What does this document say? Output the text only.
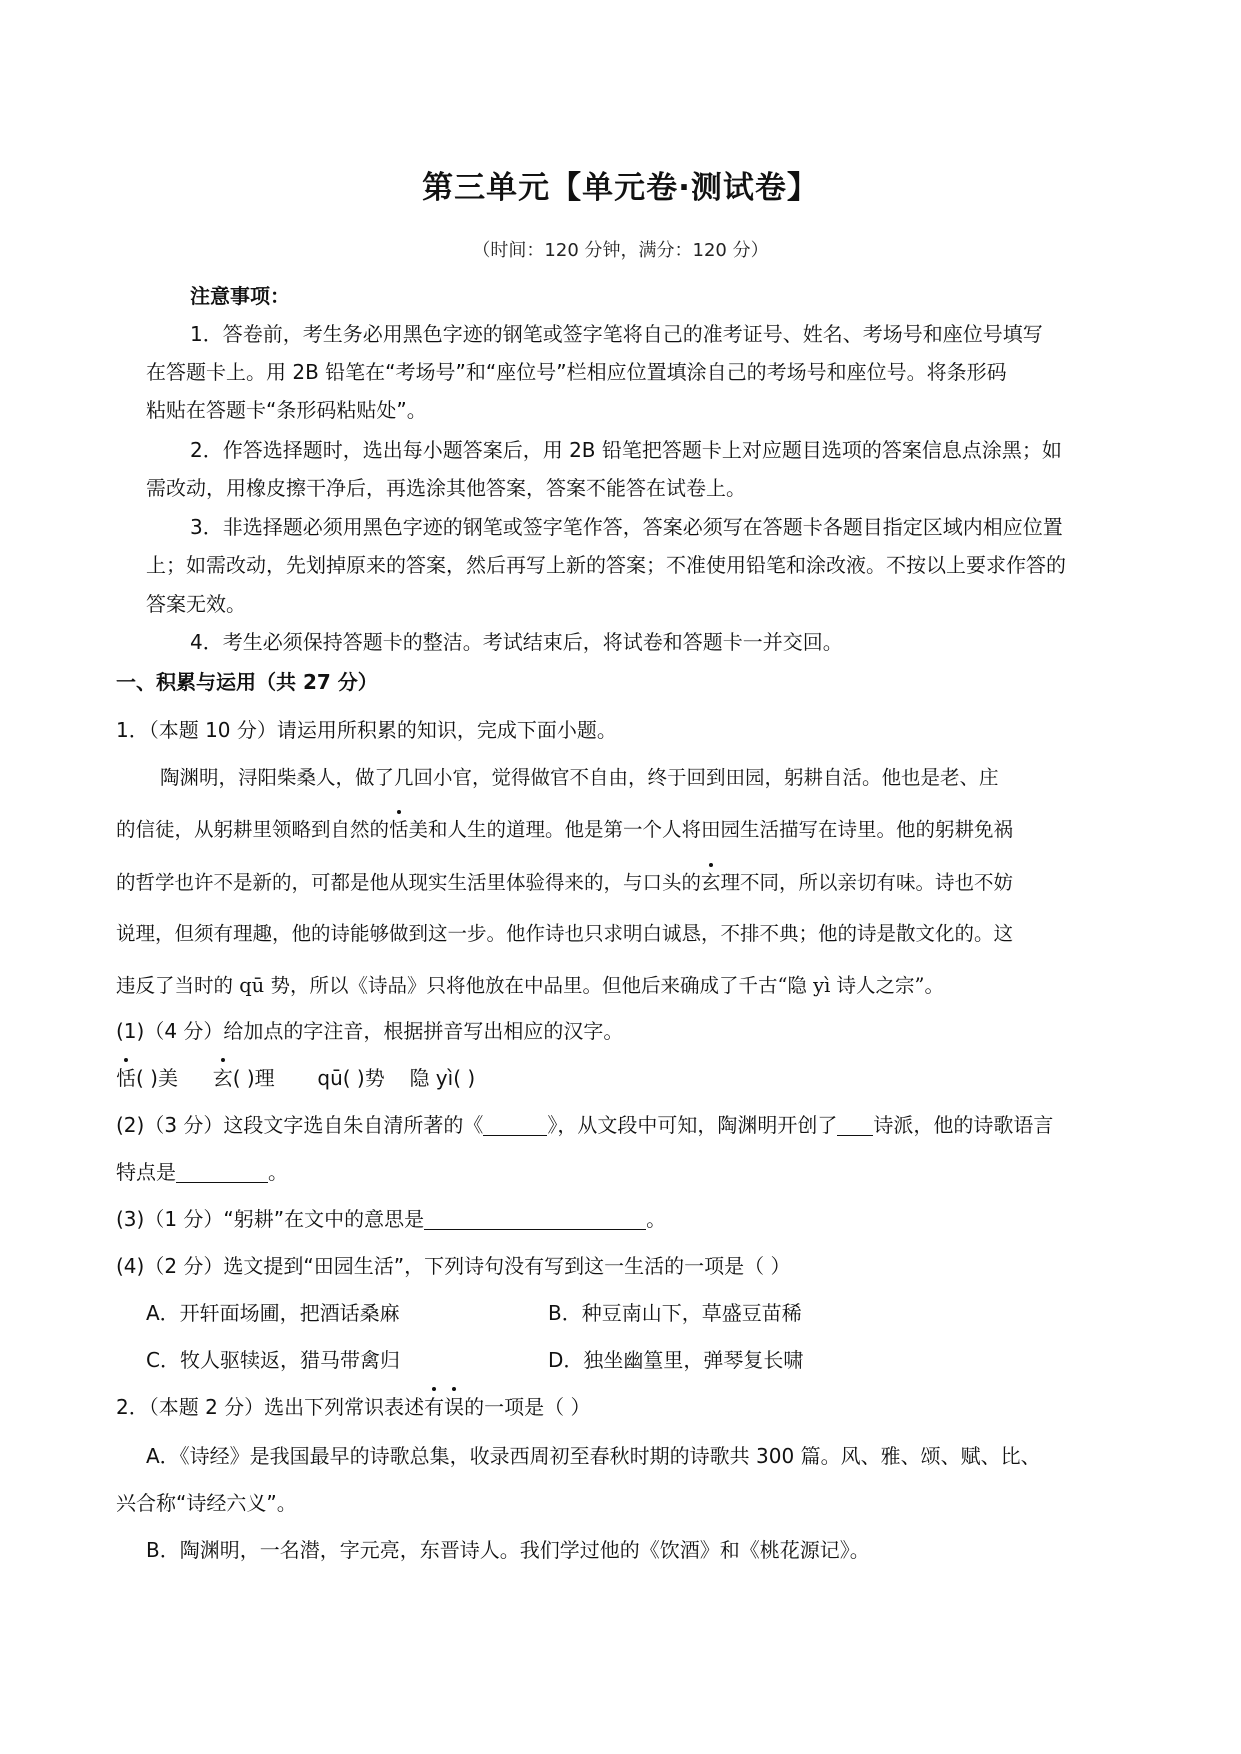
第三单元【单元卷·测试卷】
（时间：120 分钟，满分：120 分）
注意事项：
1．答卷前，考生务必用黑色字迹的钢笔或签字笔将自己的准考证号、姓名、考场号和座位号填写
在答题卡上。用 2B 铅笔在“考场号”和“座位号”栏相应位置填涂自己的考场号和座位号。将条形码
粘贴在答题卡“条形码粘贴处”。
2．作答选择题时，选出每小题答案后，用 2B 铅笔把答题卡上对应题目选项的答案信息点涂黑；如
需改动，用橡皮擦干净后，再选涂其他答案，答案不能答在试卷上。
3．非选择题必须用黑色字迹的钢笔或签字笔作答，答案必须写在答题卡各题目指定区域内相应位置
上；如需改动，先划掉原来的答案，然后再写上新的答案；不准使用铅笔和涂改液。不按以上要求作答的
答案无效。
4．考生必须保持答题卡的整洁。考试结束后，将试卷和答题卡一并交回。
一、积累与运用（共 27 分）
1．（本题 10 分）请运用所积累的知识，完成下面小题。
陶渊明，浔阳柴桑人，做了几回小官，觉得做官不自由，终于回到田园，躬耕自活。他也是老、庄
的信徒，从躬耕里领略到自然的恬美和人生的道理。他是第一个人将田园生活描写在诗里。他的躬耕免祸
的哲学也许不是新的，可都是他从现实生活里体验得来的，与口头的玄理不同，所以亲切有味。诗也不妨
说理，但须有理趣，他的诗能够做到这一步。他作诗也只求明白诚恳，不排不典；他的诗是散文化的。这
违反了当时的 qū 势，所以《诗品》只将他放在中品里。但他后来确成了千古“隐 yì 诗人之宗”。
(1)（4 分）给加点的字注音，根据拼音写出相应的汉字。
恬( )美 玄( )理 qū( )势 隐 yì( )
(2)（3 分）这段文字选自朱自清所著的《	》，从文段中可知，陶渊明开创了 诗派，他的诗歌语言
特点是	。
(3)（1 分）“躬耕”在文中的意思是	。
(4)（2 分）选文提到“田园生活”，下列诗句没有写到这一生活的一项是（ ）
A．开轩面场圃，把酒话桑麻	B．种豆南山下，草盛豆苗稀
C．牧人驱犊返，猎马带禽归	D．独坐幽篁里，弹琴复长啸
2．（本题 2 分）选出下列常识表述有误的一项是（ ）
A．《诗经》是我国最早的诗歌总集，收录西周初至春秋时期的诗歌共 300 篇。风、雅、颂、赋、比、
兴合称“诗经六义”。
B．陶渊明，一名潜，字元亮，东晋诗人。我们学过他的《饮酒》和《桃花源记》。
